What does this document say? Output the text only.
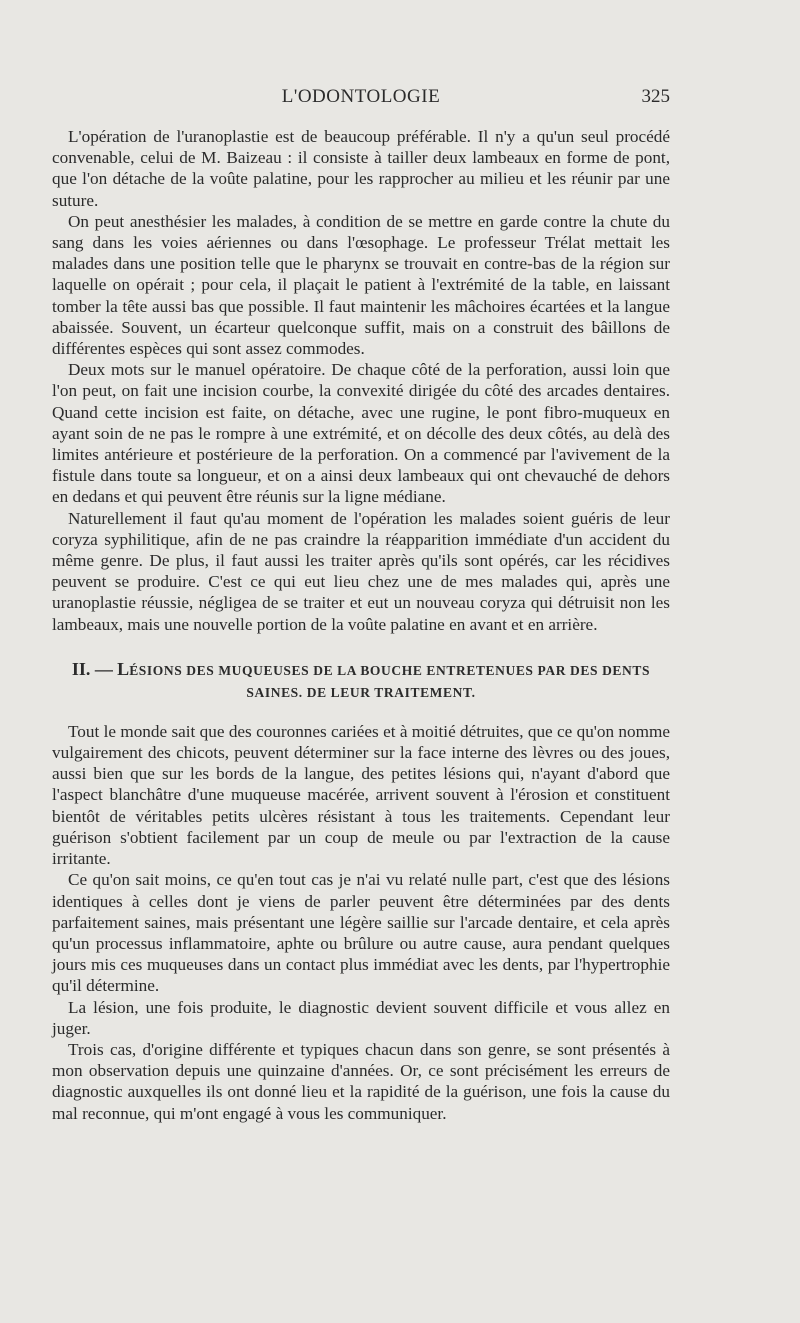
L'ODONTOLOGIE	325

L'opération de l'uranoplastie est de beaucoup préférable. Il n'y a qu'un seul procédé convenable, celui de M. Baizeau : il consiste à tailler deux lambeaux en forme de pont, que l'on détache de la voûte palatine, pour les rapprocher au milieu et les réunir par une suture.

On peut anesthésier les malades, à condition de se mettre en garde contre la chute du sang dans les voies aériennes ou dans l'œsophage. Le professeur Trélat mettait les malades dans une position telle que le pharynx se trouvait en contre-bas de la région sur laquelle on opérait ; pour cela, il plaçait le patient à l'extrémité de la table, en laissant tomber la tête aussi bas que possible. Il faut maintenir les mâchoires écartées et la langue abaissée. Souvent, un écarteur quelconque suffit, mais on a construit des bâillons de différentes espèces qui sont assez commodes.

Deux mots sur le manuel opératoire. De chaque côté de la perforation, aussi loin que l'on peut, on fait une incision courbe, la convexité dirigée du côté des arcades dentaires. Quand cette incision est faite, on détache, avec une rugine, le pont fibro-muqueux en ayant soin de ne pas le rompre à une extrémité, et on décolle des deux côtés, au delà des limites antérieure et postérieure de la perforation. On a commencé par l'avivement de la fistule dans toute sa longueur, et on a ainsi deux lambeaux qui ont chevauché de dehors en dedans et qui peuvent être réunis sur la ligne médiane.

Naturellement il faut qu'au moment de l'opération les malades soient guéris de leur coryza syphilitique, afin de ne pas craindre la réapparition immédiate d'un accident du même genre. De plus, il faut aussi les traiter après qu'ils sont opérés, car les récidives peuvent se produire. C'est ce qui eut lieu chez une de mes malades qui, après une uranoplastie réussie, négligea de se traiter et eut un nouveau coryza qui détruisit non les lambeaux, mais une nouvelle portion de la voûte palatine en avant et en arrière.

II. — LÉSIONS DES MUQUEUSES DE LA BOUCHE ENTRETENUES PAR DES DENTS SAINES. DE LEUR TRAITEMENT.

Tout le monde sait que des couronnes cariées et à moitié détruites, que ce qu'on nomme vulgairement des chicots, peuvent déterminer sur la face interne des lèvres ou des joues, aussi bien que sur les bords de la langue, des petites lésions qui, n'ayant d'abord que l'aspect blanchâtre d'une muqueuse macérée, arrivent souvent à l'érosion et constituent bientôt de véritables petits ulcères résistant à tous les traitements. Cependant leur guérison s'obtient facilement par un coup de meule ou par l'extraction de la cause irritante.

Ce qu'on sait moins, ce qu'en tout cas je n'ai vu relaté nulle part, c'est que des lésions identiques à celles dont je viens de parler peuvent être déterminées par des dents parfaitement saines, mais présentant une légère saillie sur l'arcade dentaire, et cela après qu'un processus inflammatoire, aphte ou brûlure ou autre cause, aura pendant quelques jours mis ces muqueuses dans un contact plus immédiat avec les dents, par l'hypertrophie qu'il détermine.

La lésion, une fois produite, le diagnostic devient souvent difficile et vous allez en juger.

Trois cas, d'origine différente et typiques chacun dans son genre, se sont présentés à mon observation depuis une quinzaine d'années. Or, ce sont précisément les erreurs de diagnostic auxquelles ils ont donné lieu et la rapidité de la guérison, une fois la cause du mal reconnue, qui m'ont engagé à vous les communiquer.
